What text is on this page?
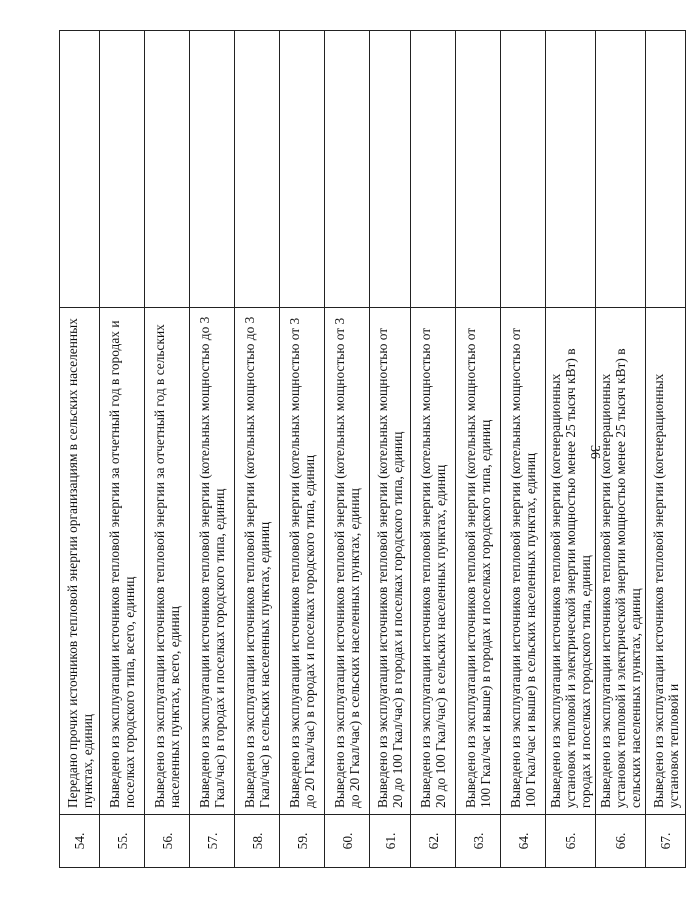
36
54.	Передано прочих источников тепловой энергии организациям в сельских населенных пунктах, единиц	
55.	Выведено из эксплуатации источников тепловой энергии за отчетный год в городах и поселках городского типа, всего, единиц	
56.	Выведено из эксплуатации источников тепловой энергии за отчетный год в сельских населенных пунктах, всего, единиц	
57.	Выведено из эксплуатации источников тепловой энергии (котельных мощностью до 3 Гкал/час) в городах и поселках городского типа, единиц	
58.	Выведено из эксплуатации источников тепловой энергии (котельных мощностью до 3 Гкал/час) в сельских населенных пунктах, единиц	
59.	Выведено из эксплуатации источников тепловой энергии (котельных мощностью от 3 до 20 Гкал/час) в городах и поселках городского типа, единиц	
60.	Выведено из эксплуатации источников тепловой энергии (котельных мощностью от 3 до 20 Гкал/час) в сельских населенных пунктах, единиц	
61.	Выведено из эксплуатации источников тепловой энергии (котельных мощностью от 20 до 100 Гкал/час) в городах и поселках городского типа, единиц	
62.	Выведено из эксплуатации источников тепловой энергии (котельных мощностью от 20 до 100 Гкал/час) в сельских населенных пунктах, единиц	
63.	Выведено из эксплуатации источников тепловой энергии (котельных мощностью от 100 Гкал/час и выше) в городах и поселках городского типа, единиц	
64.	Выведено из эксплуатации источников тепловой энергии (котельных мощностью от 100 Гкал/час и выше) в сельских населенных пунктах, единиц	
65.	Выведено из эксплуатации источников тепловой энергии (когенерационных установок тепловой и электрической энергии мощностью менее 25 тысяч кВт) в городах и поселках городского типа, единиц	
66.	Выведено из эксплуатации источников тепловой энергии (когенерационных установок тепловой и электрической энергии мощностью менее 25 тысяч кВт) в сельских населенных пунктах, единиц	
67.	Выведено из эксплуатации источников тепловой энергии (когенерационных установок тепловой и	
